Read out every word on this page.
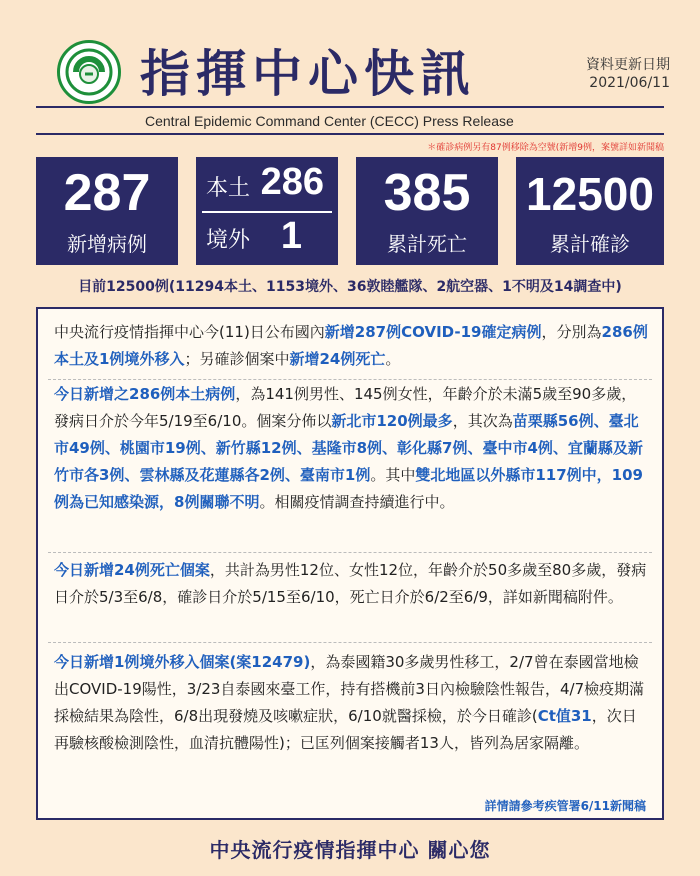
指揮中心快訊	資料更新日期
2021/06/11
Central Epidemic Command Center (CECC) Press Release
＊確診病例另有87例移除為空號(新增9例，案號詳如新聞稿
287
新增病例
本土 286
境外 1
385
累計死亡
12500
累計確診
目前12500例(11294本土、1153境外、36敦睦艦隊、2航空器、1不明及14調查中)
中央流行疫情指揮中心今(11)日公布國內新增287例COVID-19確定病例，分別為286例本土及1例境外移入；另確診個案中新增24例死亡。
今日新增之286例本土病例，為141例男性、145例女性，年齡介於未滿5歲至90多歲，發病日介於今年5/19至6/10。個案分佈以新北市120例最多，其次為苗栗縣56例、臺北市49例、桃園市19例、新竹縣12例、基隆市8例、彰化縣7例、臺中市4例、宜蘭縣及新竹市各3例、雲林縣及花蓮縣各2例、臺南市1例。其中雙北地區以外縣市117例中，109例為已知感染源，8例關聯不明。相關疫情調查持續進行中。
今日新增24例死亡個案，共計為男性12位、女性12位，年齡介於50多歲至80多歲，發病日介於5/3至6/8，確診日介於5/15至6/10，死亡日介於6/2至6/9，詳如新聞稿附件。
今日新增1例境外移入個案(案12479)，為泰國籍30多歲男性移工，2/7曾在泰國當地檢出COVID-19陽性，3/23自泰國來臺工作，持有搭機前3日內檢驗陰性報告，4/7檢疫期滿採檢結果為陰性，6/8出現發燒及咳嗽症狀，6/10就醫採檢，於今日確診(Ct值31，次日再驗核酸檢測陰性，血清抗體陽性)；已匡列個案接觸者13人，皆列為居家隔離。
詳情請參考疾管署6/11新聞稿
中央流行疫情指揮中心 關心您
